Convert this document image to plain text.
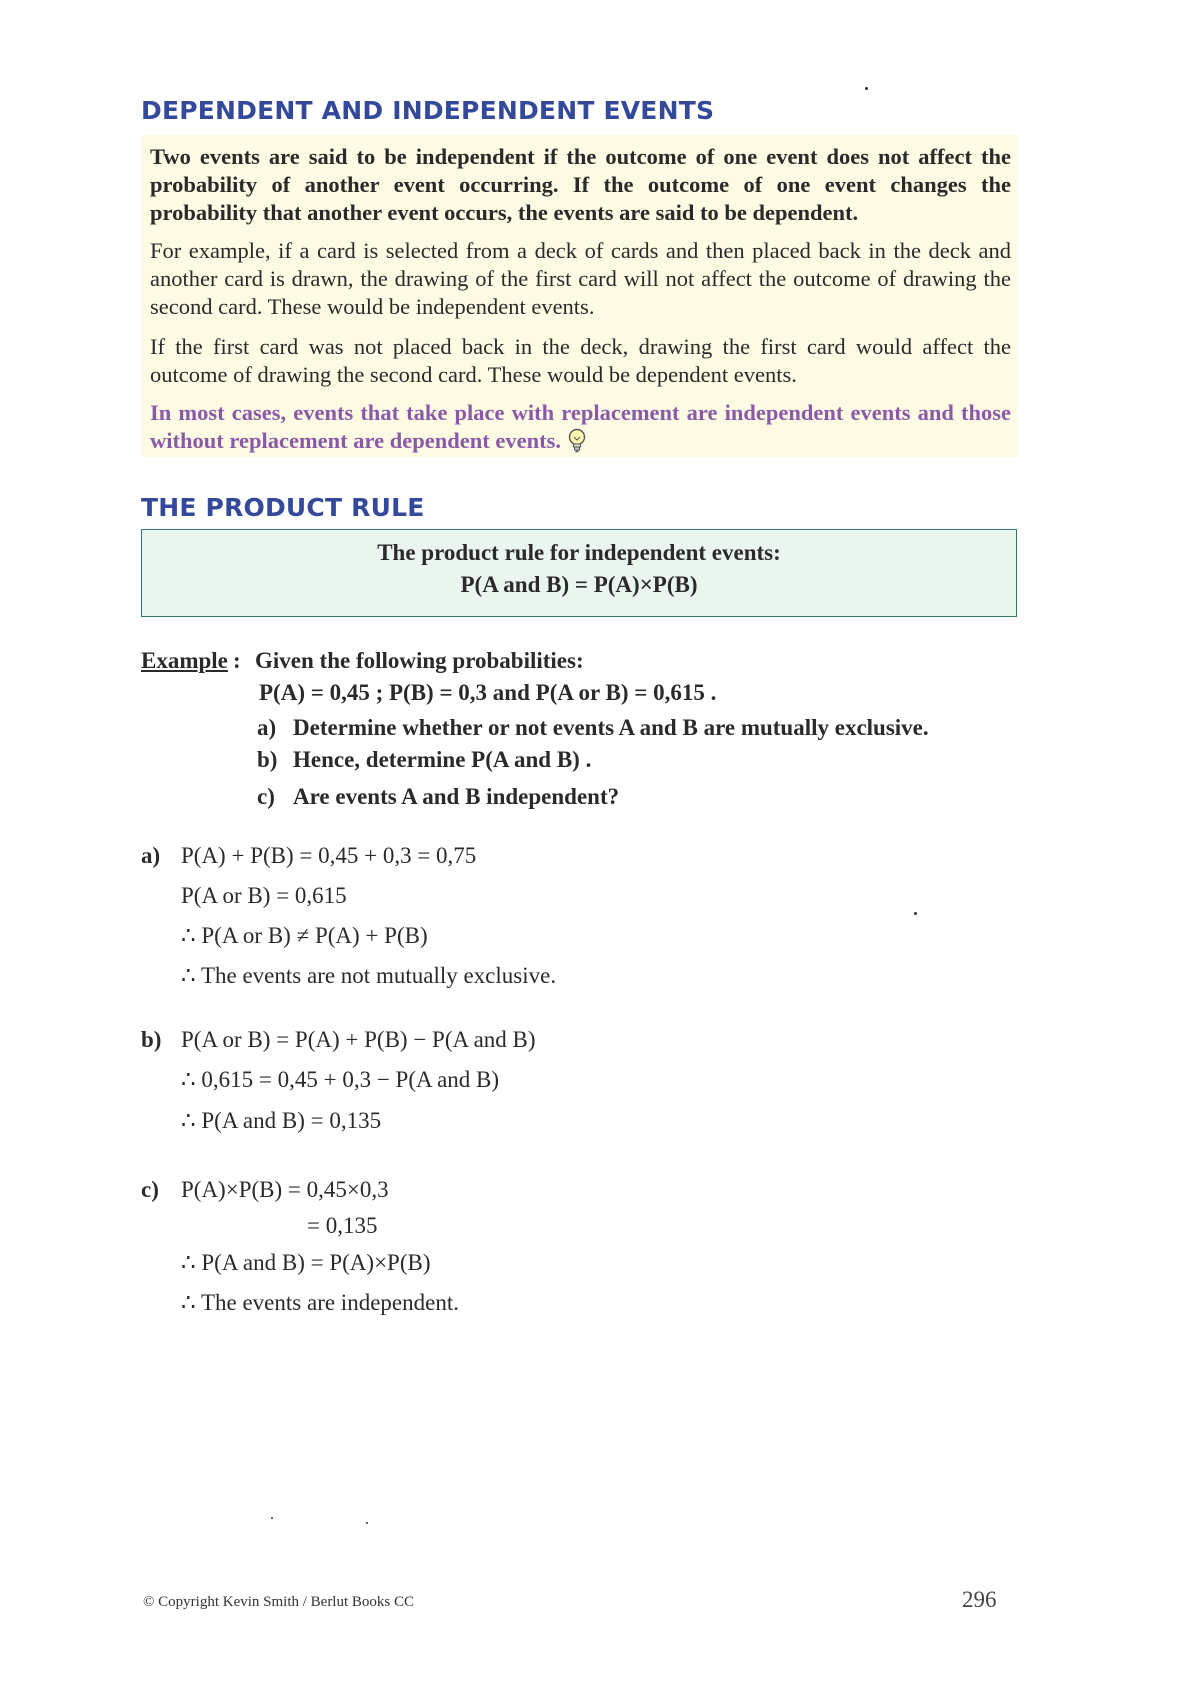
DEPENDENT AND INDEPENDENT EVENTS

Two events are said to be independent if the outcome of one event does not affect the probability of another event occurring. If the outcome of one event changes the probability that another event occurs, the events are said to be dependent.

For example, if a card is selected from a deck of cards and then placed back in the deck and another card is drawn, the drawing of the first card will not affect the outcome of drawing the second card. These would be independent events.

If the first card was not placed back in the deck, drawing the first card would affect the outcome of drawing the second card. These would be dependent events.

In most cases, events that take place with replacement are independent events and those without replacement are dependent events.

THE PRODUCT RULE
The product rule for independent events:
P(A and B) = P(A)×P(B)
Example : Given the following probabilities:
P(A) = 0,45 ; P(B) = 0,3 and P(A or B) = 0,615 .
a) Determine whether or not events A and B are mutually exclusive.
b) Hence, determine P(A and B) .
c) Are events A and B independent?
a) P(A) + P(B) = 0,45 + 0,3 = 0,75
P(A or B) = 0,615
∴ P(A or B) ≠ P(A) + P(B)
∴ The events are not mutually exclusive.
b) P(A or B) = P(A) + P(B) − P(A and B)
∴ 0,615 = 0,45 + 0,3 − P(A and B)
∴ P(A and B) = 0,135
c) P(A)×P(B) = 0,45×0,3
= 0,135
∴ P(A and B) = P(A)×P(B)
∴ The events are independent.
© Copyright Kevin Smith / Berlut Books CC	296
